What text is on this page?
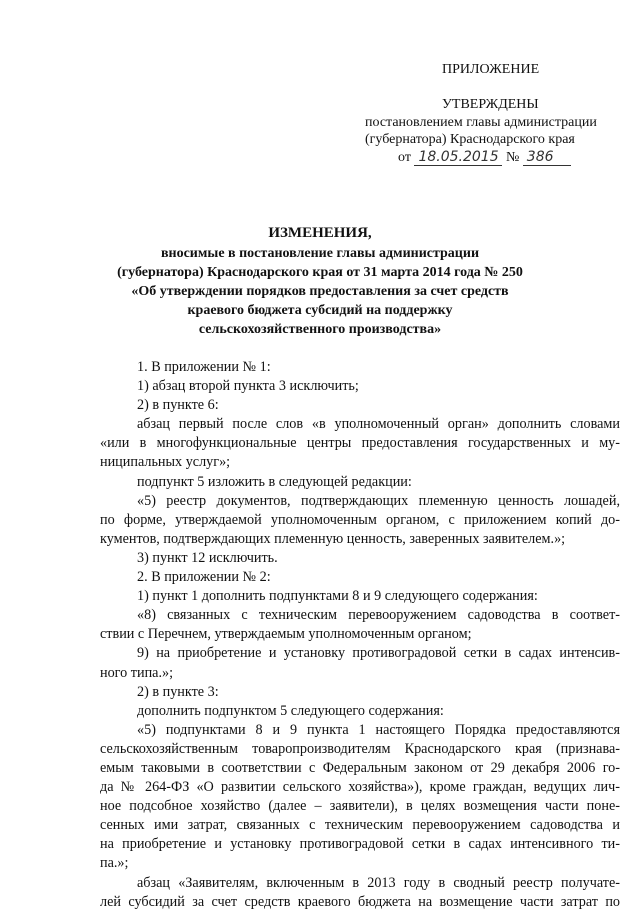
ПРИЛОЖЕНИЕ
УТВЕРЖДЕНЫ
постановлением главы администрации
(губернатора) Краснодарского края
от 18.05.2015 № 386
ИЗМЕНЕНИЯ,
вносимые в постановление главы администрации
(губернатора) Краснодарского края от 31 марта 2014 года № 250
«Об утверждении порядков предоставления за счет средств
краевого бюджета субсидий на поддержку
сельскохозяйственного производства»
1. В приложении № 1:
1) абзац второй пункта 3 исключить;
2) в пункте 6:
абзац первый после слов «в уполномоченный орган» дополнить словами
«или в многофункциональные центры предоставления государственных и му-
ниципальных услуг»;
подпункт 5 изложить в следующей редакции:
«5) реестр документов, подтверждающих племенную ценность лошадей,
по форме, утверждаемой уполномоченным органом, с приложением копий до-
кументов, подтверждающих племенную ценность, заверенных заявителем.»;
3) пункт 12 исключить.
2. В приложении № 2:
1) пункт 1 дополнить подпунктами 8 и 9 следующего содержания:
«8) связанных с техническим перевооружением садоводства в соответ-
ствии с Перечнем, утверждаемым уполномоченным органом;
9) на приобретение и установку противоградовой сетки в садах интенсив-
ного типа.»;
2) в пункте 3:
дополнить подпунктом 5 следующего содержания:
«5) подпунктами 8 и 9 пункта 1 настоящего Порядка предоставляются
сельскохозяйственным товаропроизводителям Краснодарского края (признава-
емым таковыми в соответствии с Федеральным законом от 29 декабря 2006 го-
да № 264-ФЗ «О развитии сельского хозяйства»), кроме граждан, ведущих лич-
ное подсобное хозяйство (далее – заявители), в целях возмещения части понe-
сенных ими затрат, связанных с техническим перевооружением садоводства и
на приобретение и установку противоградовой сетки в садах интенсивного ти-
па.»;
абзац «Заявителям, включенным в 2013 году в сводный реестр получате-
лей субсидий за счет средств краевого бюджета на возмещение части затрат по
